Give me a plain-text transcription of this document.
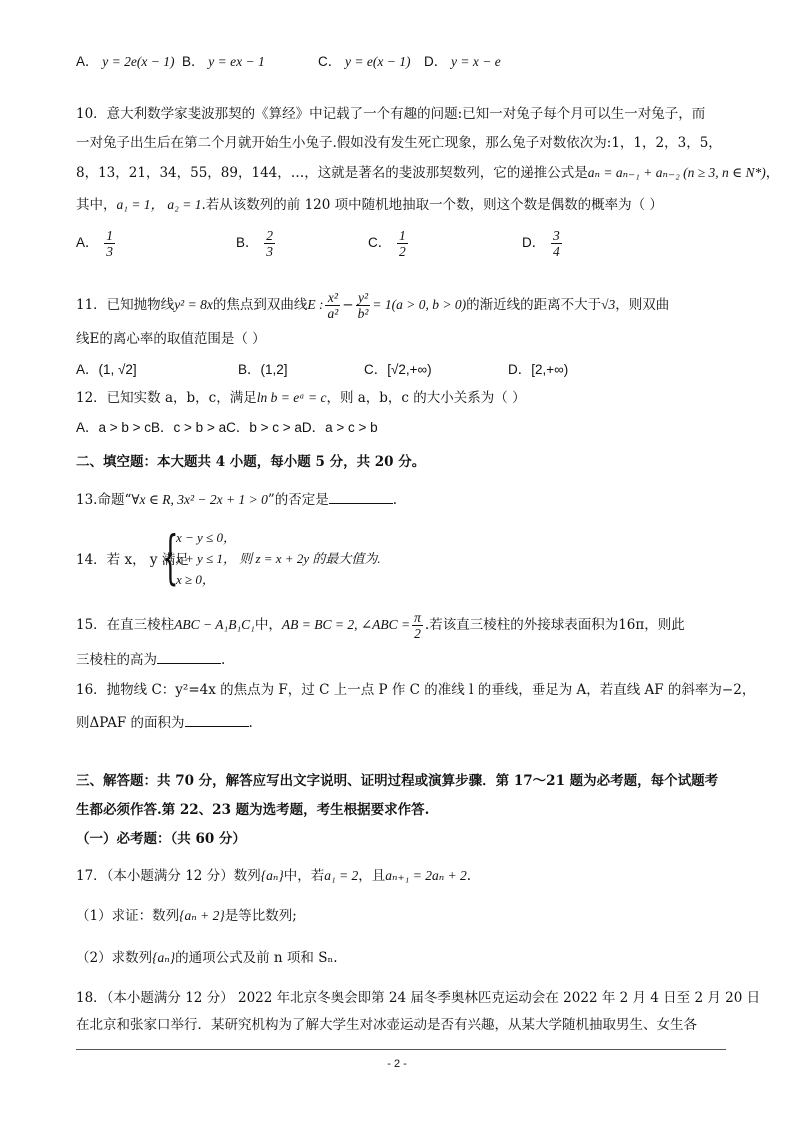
A． y = 2e(x − 1) B． y = ex − 1	C． y = e(x − 1) D． y = x − e
10．意大利数学家斐波那契的《算经》中记载了一个有趣的问题:已知一对兔子每个月可以生一对兔子，而
一对兔子出生后在第二个月就开始生小兔子.假如没有发生死亡现象，那么兔子对数依次为:1，1，2，3，5，
8，13，21，34，55，89，144，…，这就是著名的斐波那契数列，它的递推公式是aₙ = aₙ₋₁ + aₙ₋₂ (n ≥ 3, n ∈ N*)，
其中，a₁ = 1， a₂ = 1.若从该数列的前 120 项中随机地抽取一个数，则这个数是偶数的概率为（ ）
A． $\frac{1}{3}$	B． $\frac{2}{3}$	C． $\frac{1}{2}$	D． $\frac{3}{4}$
11．已知抛物线y² = 8x的焦点到双曲线E : $\frac{\text{x²}}{\text{a²}} - \frac{\text{y²}}{\text{b²}} = 1(a > 0$, b > 0)的渐近线的距离不大于√3，则双曲
线E的离心率的取值范围是（ ）
A．(1, √2]	B．(1,2]	C．[√2,+∞)	D．[2,+∞)
12．已知实数 a，b，c，满足ln b = eᵃ = c，则 a，b，c 的大小关系为（ ）
A．a > b > cB．c > b > aC．b > c > aD．a > c > b
二、填空题：本大题共 4 小题，每小题 5 分，共 20 分。
13.命题“∀x ∈ R, 3x² − 2x + 1 > 0”的否定是	.
14．若 x， y 满足
{
x − y ≤ 0，
x + y ≤ 1， 则 z = x + 2y 的最大值为.
x ≥ 0，
15．在直三棱柱ABC − A₁B₁C₁中，AB = BC = 2, ∠ABC = $\frac{\pi}{2}$ .若该直三棱柱的外接球表面积为16π，则此
三棱柱的高为	.
16．抛物线 C：y²=4x 的焦点为 F，过 C 上一点 P 作 C 的准线 l 的垂线，垂足为 A，若直线 AF 的斜率为−2，
则ΔPAF 的面积为	.
三、解答题：共 70 分，解答应写出文字说明、证明过程或演算步骤．第 17～21 题为必考题，每个试题考
生都必须作答.第 22、23 题为选考题，考生根据要求作答.
（一）必考题：（共 60 分）
17．（本小题满分 12 分）数列{aₙ}中，若a₁ = 2，且aₙ₊₁ = 2aₙ + 2.
（1）求证：数列{aₙ + 2}是等比数列;
（2）求数列{aₙ}的通项公式及前 n 项和 Sₙ.
18．（本小题满分 12 分） 2022 年北京冬奥会即第 24 届冬季奥林匹克运动会在 2022 年 2 月 4 日至 2 月 20 日
在北京和张家口举行．某研究机构为了解大学生对冰壶运动是否有兴趣，从某大学随机抽取男生、女生各
- 2 -
